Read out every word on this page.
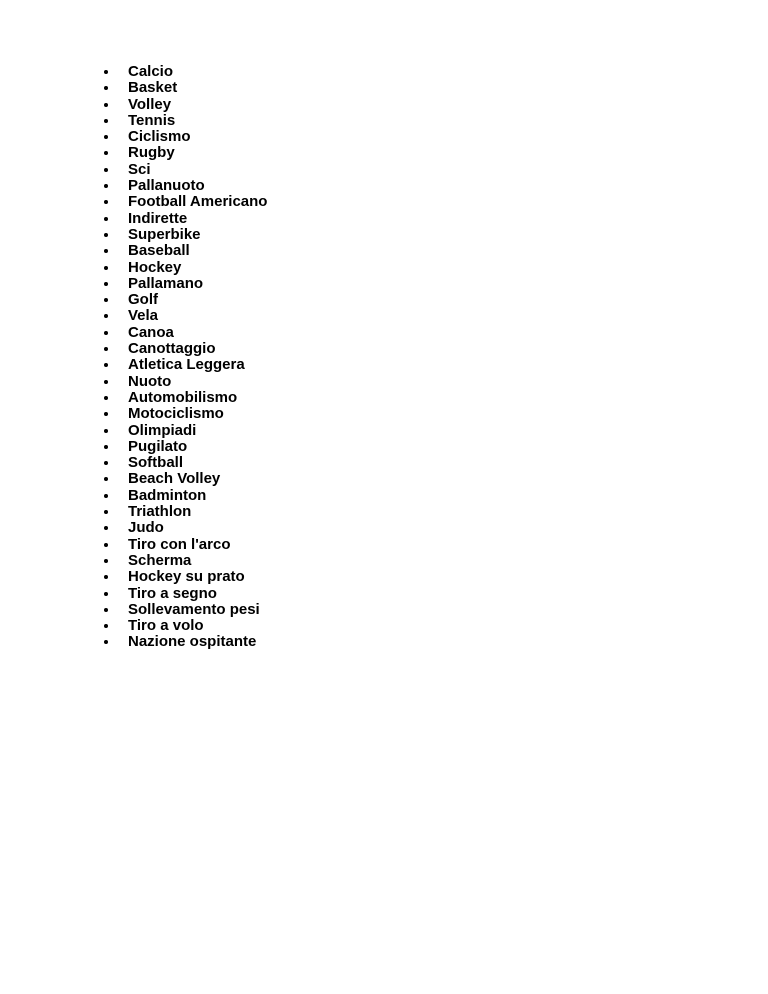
Calcio
Basket
Volley
Tennis
Ciclismo
Rugby
Sci
Pallanuoto
Football Americano
Indirette
Superbike
Baseball
Hockey
Pallamano
Golf
Vela
Canoa
Canottaggio
Atletica Leggera
Nuoto
Automobilismo
Motociclismo
Olimpiadi
Pugilato
Softball
Beach Volley
Badminton
Triathlon
Judo
Tiro con l'arco
Scherma
Hockey su prato
Tiro a segno
Sollevamento pesi
Tiro a volo
Nazione ospitante
